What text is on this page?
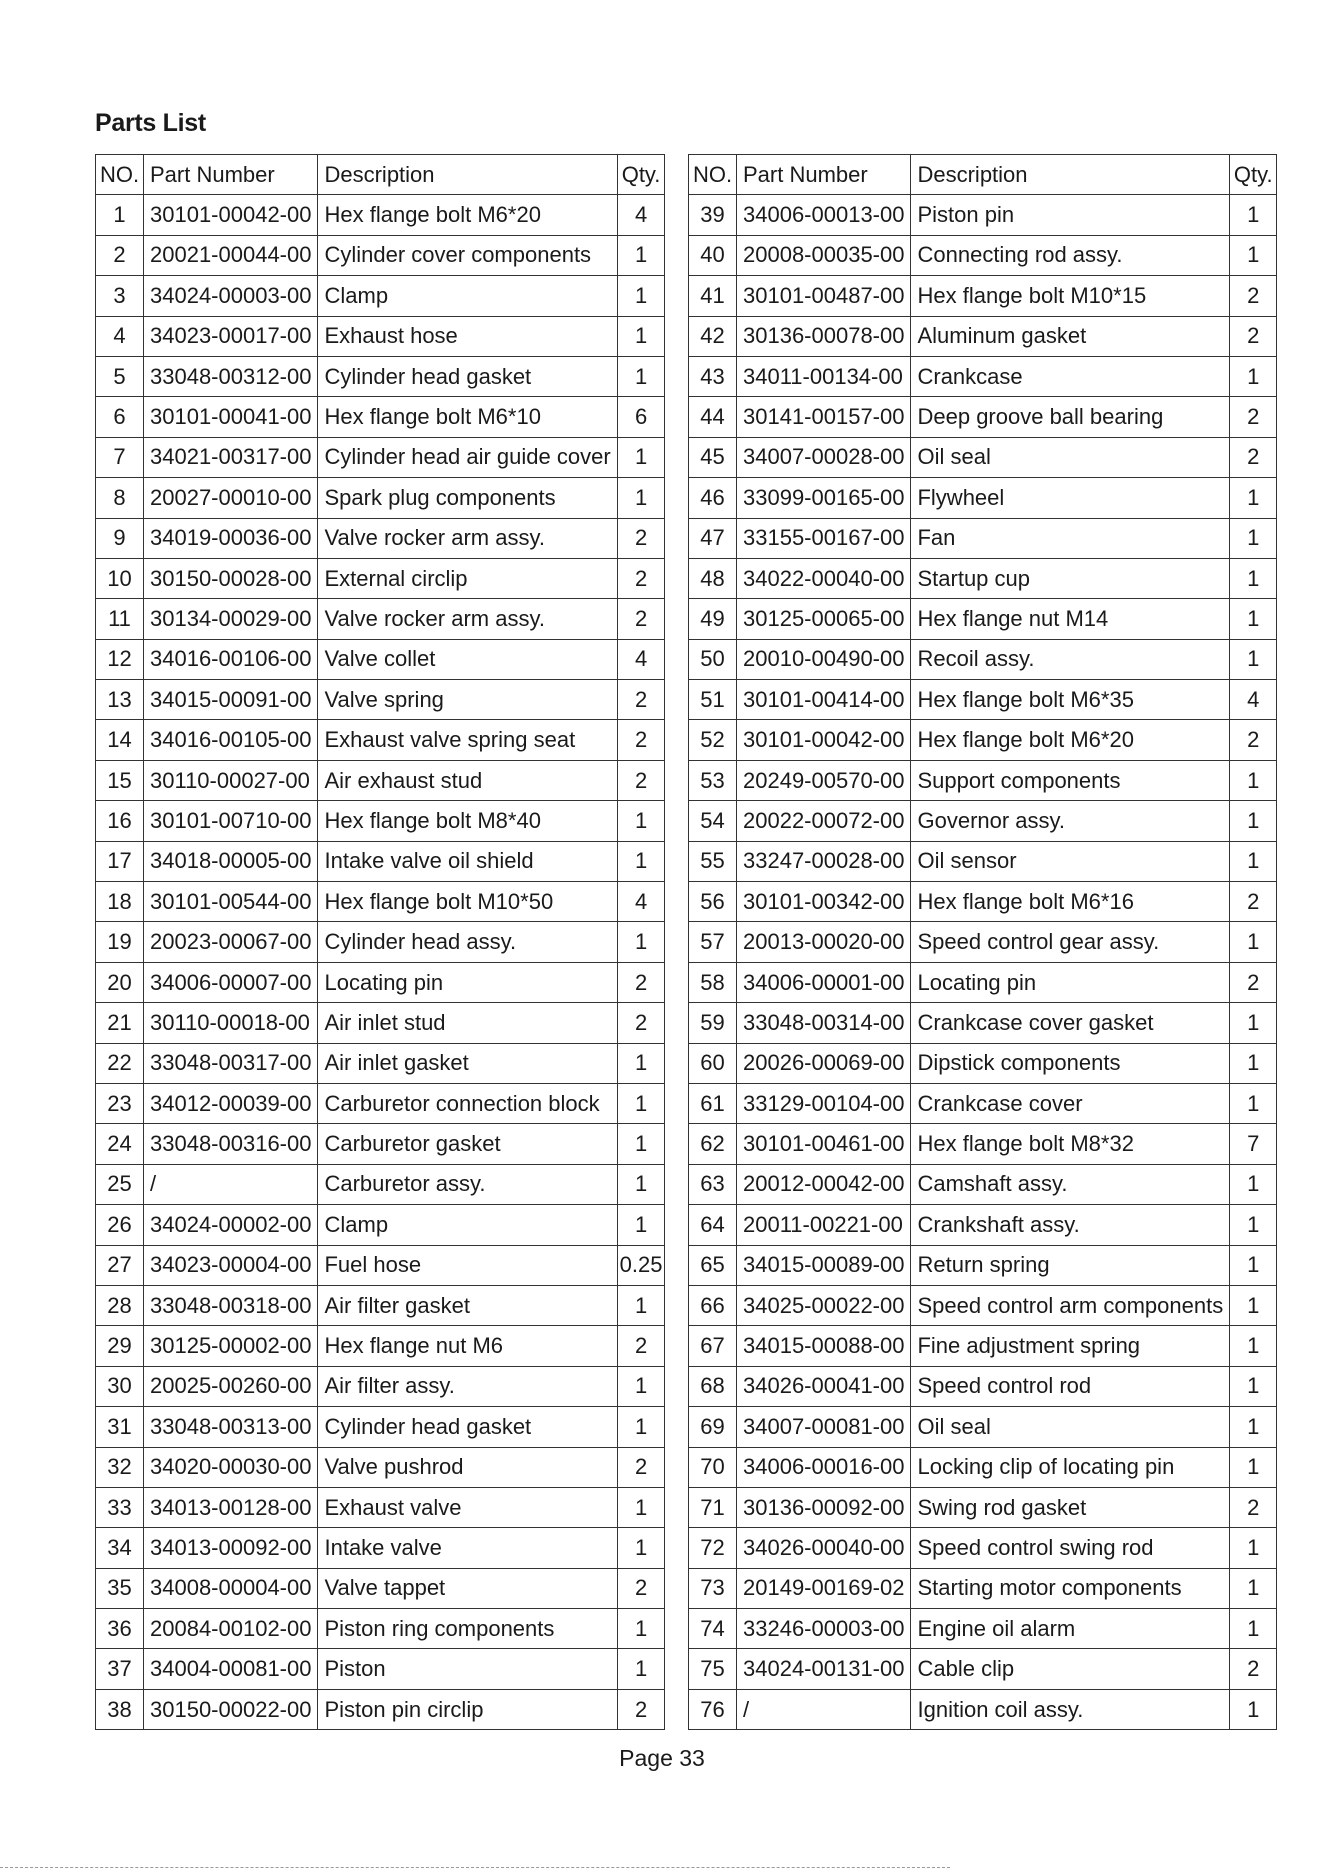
Parts List
NO.	Part Number	Description	Qty.
1	30101-00042-00	Hex flange bolt M6*20	4
2	20021-00044-00	Cylinder cover components	1
3	34024-00003-00	Clamp	1
4	34023-00017-00	Exhaust hose	1
5	33048-00312-00	Cylinder head gasket	1
6	30101-00041-00	Hex flange bolt M6*10	6
7	34021-00317-00	Cylinder head air guide cover	1
8	20027-00010-00	Spark plug components	1
9	34019-00036-00	Valve rocker arm assy.	2
10	30150-00028-00	External circlip	2
11	30134-00029-00	Valve rocker arm assy.	2
12	34016-00106-00	Valve collet	4
13	34015-00091-00	Valve spring	2
14	34016-00105-00	Exhaust valve spring seat	2
15	30110-00027-00	Air exhaust stud	2
16	30101-00710-00	Hex flange bolt M8*40	1
17	34018-00005-00	Intake valve oil shield	1
18	30101-00544-00	Hex flange bolt M10*50	4
19	20023-00067-00	Cylinder head assy.	1
20	34006-00007-00	Locating pin	2
21	30110-00018-00	Air inlet stud	2
22	33048-00317-00	Air inlet gasket	1
23	34012-00039-00	Carburetor connection block	1
24	33048-00316-00	Carburetor gasket	1
25	/	Carburetor assy.	1
26	34024-00002-00	Clamp	1
27	34023-00004-00	Fuel hose	0.25
28	33048-00318-00	Air filter gasket	1
29	30125-00002-00	Hex flange nut M6	2
30	20025-00260-00	Air filter assy.	1
31	33048-00313-00	Cylinder head gasket	1
32	34020-00030-00	Valve pushrod	2
33	34013-00128-00	Exhaust valve	1
34	34013-00092-00	Intake valve	1
35	34008-00004-00	Valve tappet	2
36	20084-00102-00	Piston ring components	1
37	34004-00081-00	Piston	1
38	30150-00022-00	Piston pin circlip	2
NO.	Part Number	Description	Qty.
39	34006-00013-00	Piston pin	1
40	20008-00035-00	Connecting rod assy.	1
41	30101-00487-00	Hex flange bolt M10*15	2
42	30136-00078-00	Aluminum gasket	2
43	34011-00134-00	Crankcase	1
44	30141-00157-00	Deep groove ball bearing	2
45	34007-00028-00	Oil seal	2
46	33099-00165-00	Flywheel	1
47	33155-00167-00	Fan	1
48	34022-00040-00	Startup cup	1
49	30125-00065-00	Hex flange nut M14	1
50	20010-00490-00	Recoil assy.	1
51	30101-00414-00	Hex flange bolt M6*35	4
52	30101-00042-00	Hex flange bolt M6*20	2
53	20249-00570-00	Support components	1
54	20022-00072-00	Governor assy.	1
55	33247-00028-00	Oil sensor	1
56	30101-00342-00	Hex flange bolt M6*16	2
57	20013-00020-00	Speed control gear assy.	1
58	34006-00001-00	Locating pin	2
59	33048-00314-00	Crankcase cover gasket	1
60	20026-00069-00	Dipstick components	1
61	33129-00104-00	Crankcase cover	1
62	30101-00461-00	Hex flange bolt M8*32	7
63	20012-00042-00	Camshaft assy.	1
64	20011-00221-00	Crankshaft assy.	1
65	34015-00089-00	Return spring	1
66	34025-00022-00	Speed control arm components	1
67	34015-00088-00	Fine adjustment spring	1
68	34026-00041-00	Speed control rod	1
69	34007-00081-00	Oil seal	1
70	34006-00016-00	Locking clip of locating pin	1
71	30136-00092-00	Swing rod gasket	2
72	34026-00040-00	Speed control swing rod	1
73	20149-00169-02	Starting motor components	1
74	33246-00003-00	Engine oil alarm	1
75	34024-00131-00	Cable clip	2
76	/	Ignition coil assy.	1
Page 33
